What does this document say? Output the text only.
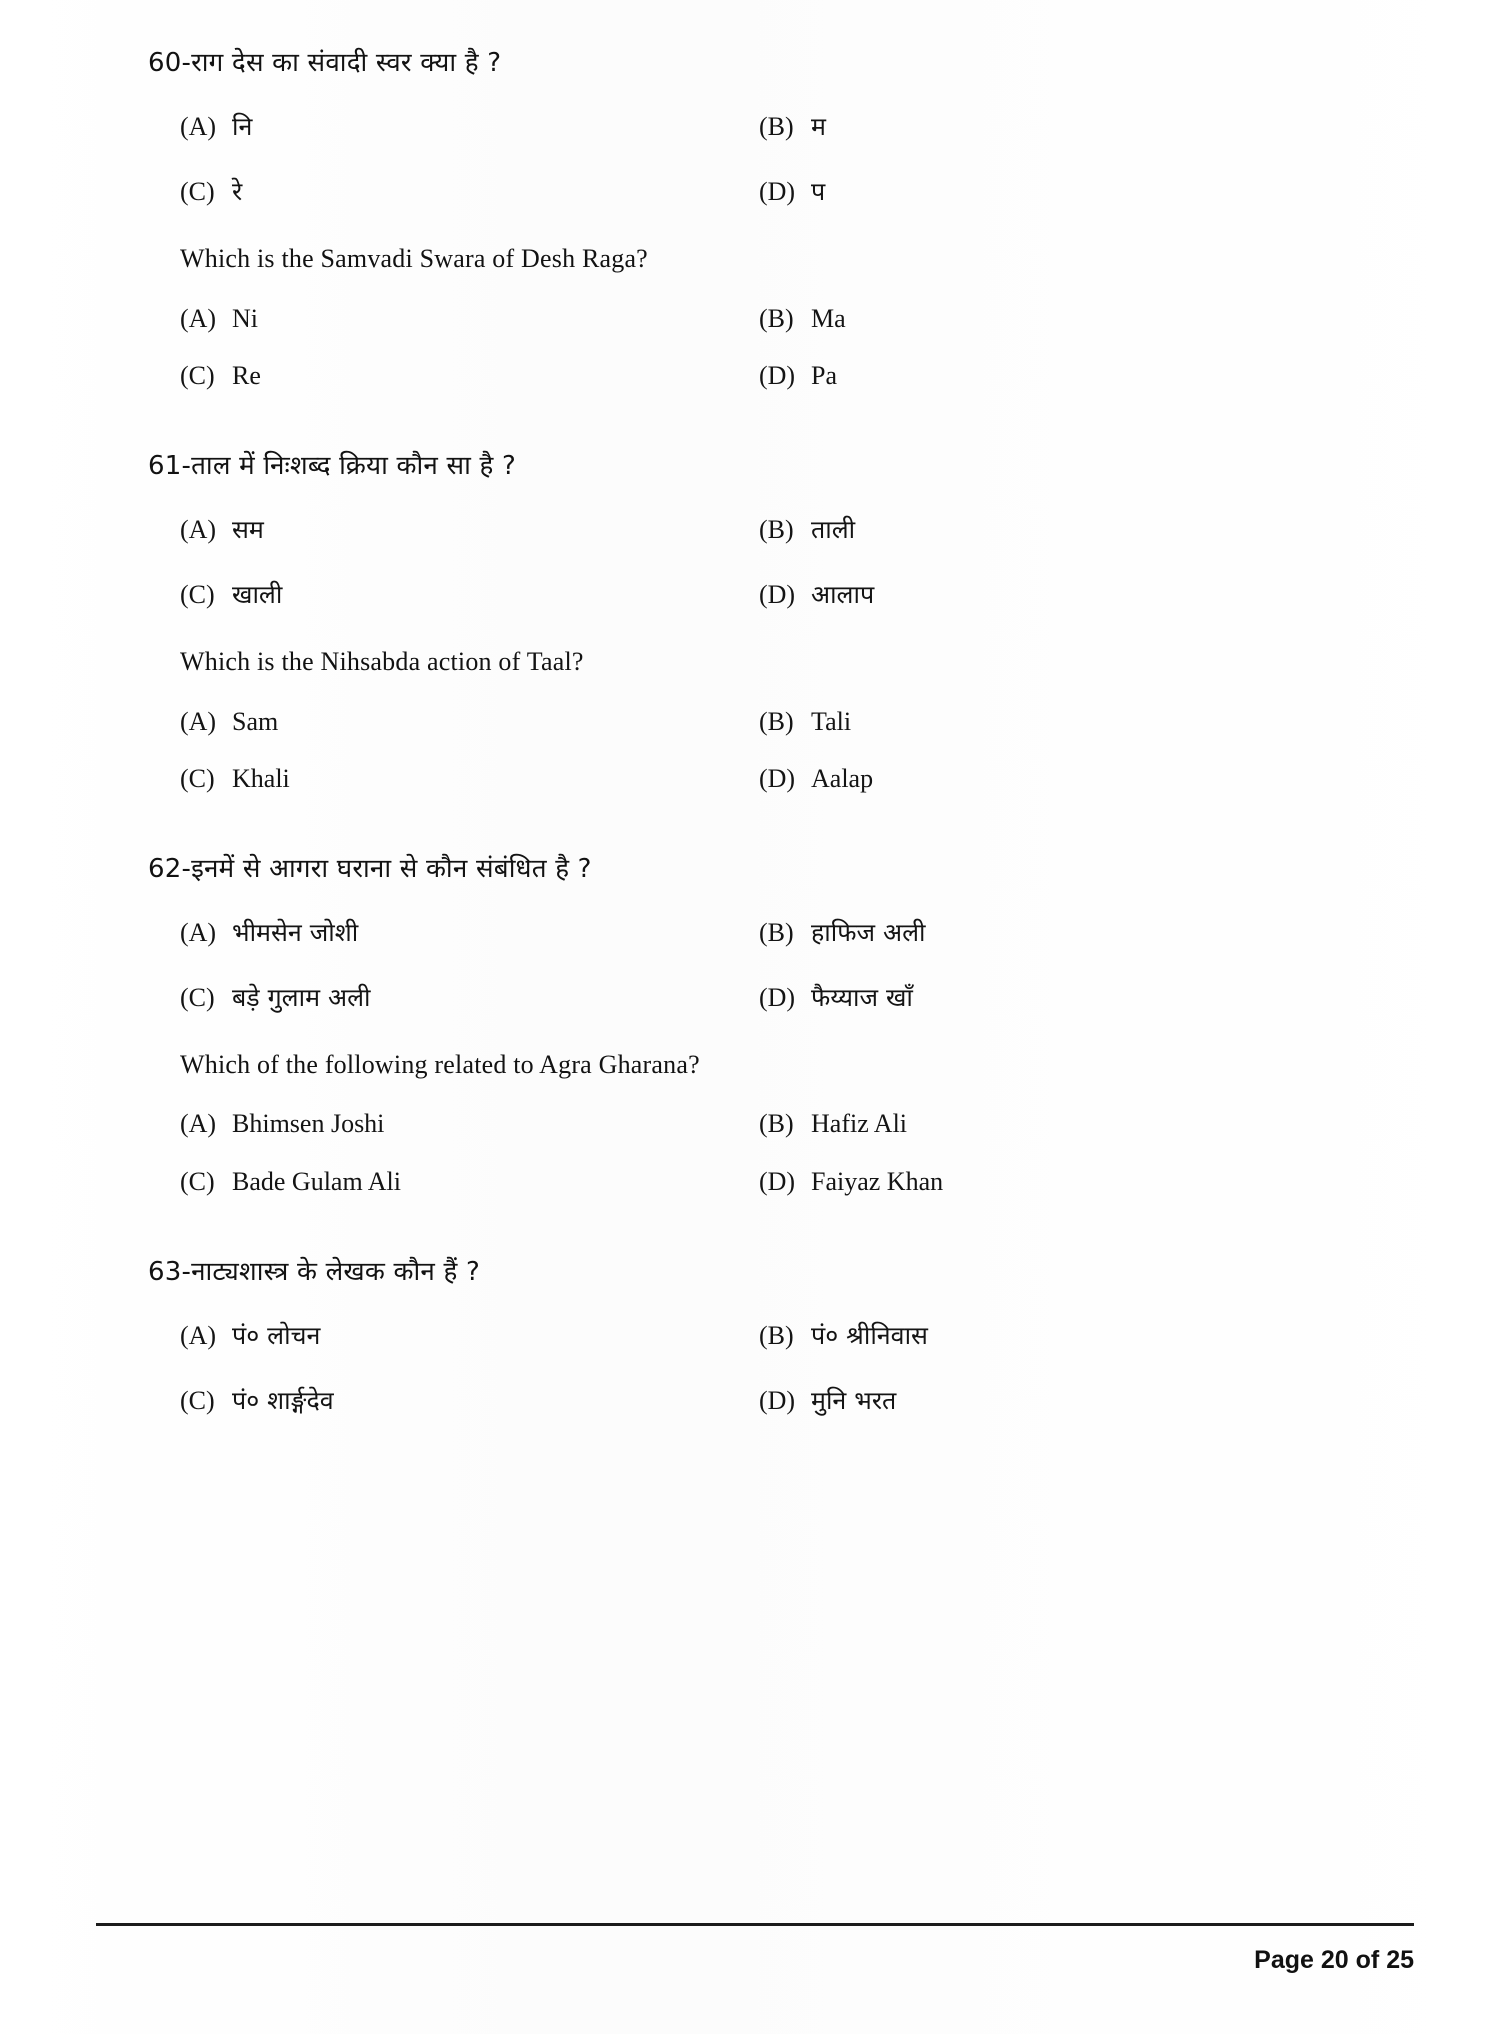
60-राग देस का संवादी स्वर क्या है ?

(A) नि	(B) म
(C) रे	(D) प

Which is the Samvadi Swara of Desh Raga?

(A) Ni	(B) Ma
(C) Re	(D) Pa

61-ताल में निःशब्द क्रिया कौन सा है ?

(A) सम	(B) ताली
(C) खाली	(D) आलाप

Which is the Nihsabda action of Taal?

(A) Sam	(B) Tali
(C) Khali	(D) Aalap

62-इनमें से आगरा घराना से कौन संबंधित है ?

(A) भीमसेन जोशी	(B) हाफिज अली
(C) बड़े गुलाम अली	(D) फैय्याज खाँ

Which of the following related to Agra Gharana?

(A) Bhimsen Joshi	(B) Hafiz Ali
(C) Bade Gulam Ali	(D) Faiyaz Khan

63-नाट्यशास्त्र के लेखक कौन हैं ?

(A) पं० लोचन	(B) पं० श्रीनिवास
(C) पं० शार्ङ्गदेव	(D) मुनि भरत
Page 20 of 25
